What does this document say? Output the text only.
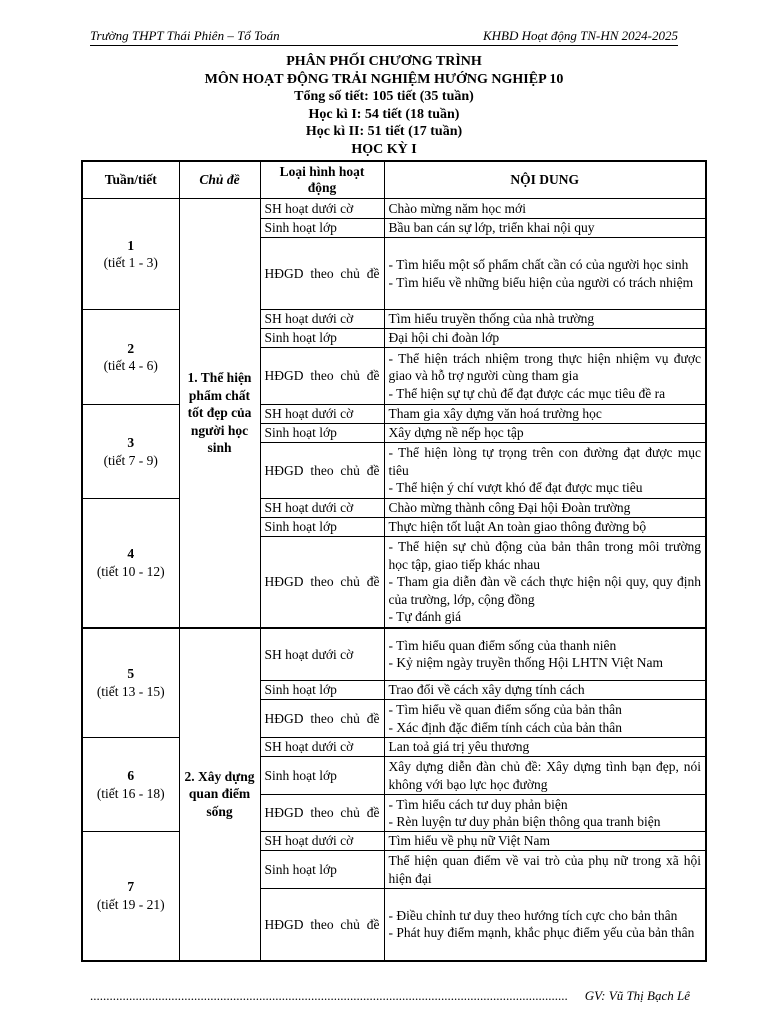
Trường THPT Thái Phiên – Tổ Toán	KHBD Hoạt động TN-HN 2024-2025
PHÂN PHỐI CHƯƠNG TRÌNH
MÔN HOẠT ĐỘNG TRẢI NGHIỆM HƯỚNG NGHIỆP 10
Tổng số tiết: 105 tiết (35 tuần)
Học kì I: 54 tiết (18 tuần)
Học kì II: 51 tiết (17 tuần)
HỌC KỲ I
Tuần/tiết	Chủ đề	Loại hình hoạt động	NỘI DUNG

1
(tiết 1 - 3)	1. Thể hiện phẩm chất tốt đẹp của người học sinh	SH hoạt dưới cờ	Chào mừng năm học mới

		Sinh hoạt lớp	Bầu ban cán sự lớp, triển khai nội quy

		HĐGD theo chủ đề	- Tìm hiểu một số phẩm chất cần có của người học sinh
- Tìm hiểu về những biểu hiện của người có trách nhiệm

2
(tiết 4 - 6)		SH hoạt dưới cờ	Tìm hiểu truyền thống của nhà trường

		Sinh hoạt lớp	Đại hội chi đoàn lớp

		HĐGD theo chủ đề	- Thể hiện trách nhiệm trong thực hiện nhiệm vụ được giao và hỗ trợ người cùng tham gia
- Thể hiện sự tự chủ để đạt được các mục tiêu đề ra

3
(tiết 7 - 9)		SH hoạt dưới cờ	Tham gia xây dựng văn hoá trường học

		Sinh hoạt lớp	Xây dựng nề nếp học tập

		HĐGD theo chủ đề	- Thể hiện lòng tự trọng trên con đường đạt được mục tiêu
- Thể hiện ý chí vượt khó để đạt được mục tiêu

4
(tiết 10 - 12)		SH hoạt dưới cờ	Chào mừng thành công Đại hội Đoàn trường

		Sinh hoạt lớp	Thực hiện tốt luật An toàn giao thông đường bộ

		HĐGD theo chủ đề	- Thể hiện sự chủ động của bản thân trong môi trường học tập, giao tiếp khác nhau
- Tham gia diễn đàn về cách thực hiện nội quy, quy định của trường, lớp, cộng đồng
- Tự đánh giá

5
(tiết 13 - 15)	2. Xây dựng quan điểm sống	SH hoạt dưới cờ	- Tìm hiểu quan điểm sống của thanh niên
- Kỷ niệm ngày truyền thống Hội LHTN Việt Nam

		Sinh hoạt lớp	Trao đổi về cách xây dựng tính cách

		HĐGD theo chủ đề	- Tìm hiểu về quan điểm sống của bản thân
- Xác định đặc điểm tính cách của bản thân

6
(tiết 16 - 18)		SH hoạt dưới cờ	Lan toả giá trị yêu thương

		Sinh hoạt lớp	Xây dựng diễn đàn chủ đề: Xây dựng tình bạn đẹp, nói không với bạo lực học đường

		HĐGD theo chủ đề	- Tìm hiểu cách tư duy phản biện
- Rèn luyện tư duy phản biện thông qua tranh biện

7
(tiết 19 - 21)		SH hoạt dưới cờ	Tìm hiểu về phụ nữ Việt Nam

		Sinh hoạt lớp	Thể hiện quan điểm về vai trò của phụ nữ trong xã hội hiện đại

		HĐGD theo chủ đề	- Điều chỉnh tư duy theo hướng tích cực cho bản thân
- Phát huy điểm mạnh, khắc phục điểm yếu của bản thân
...................................................................................................................................................	GV: Vũ Thị Bạch Lê
